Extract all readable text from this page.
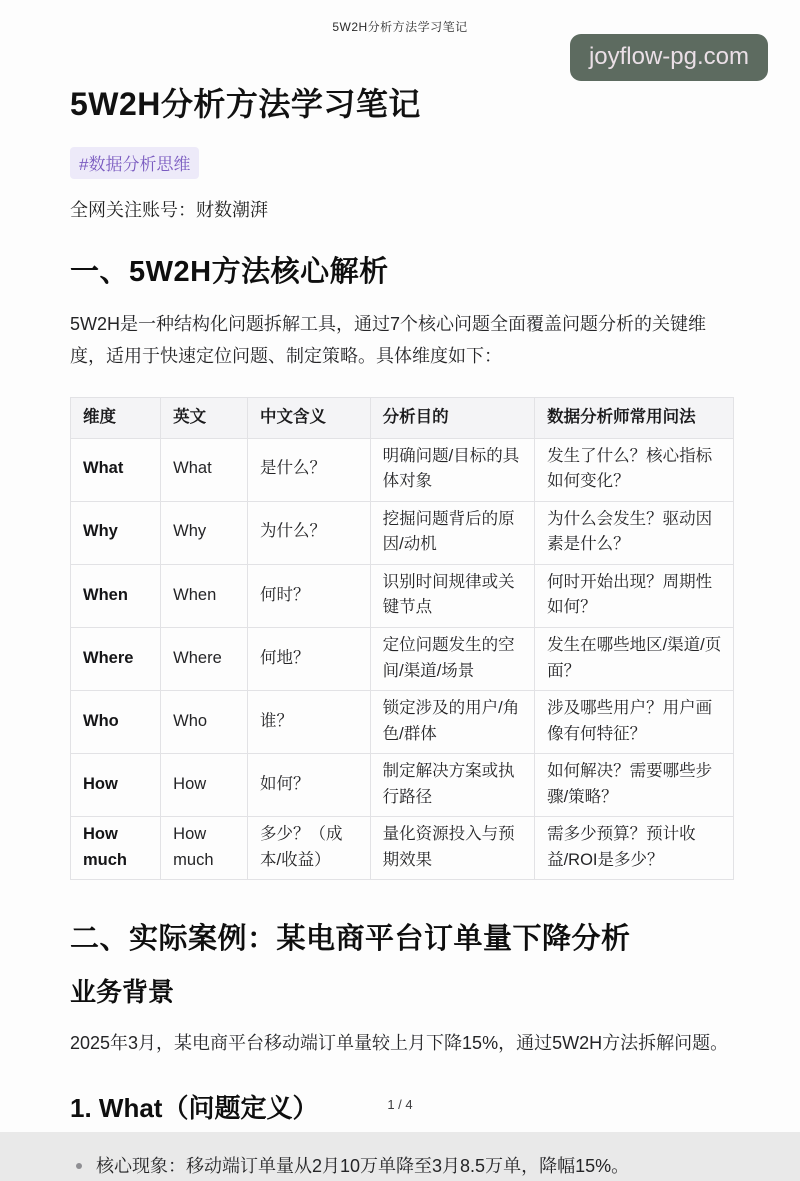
5W2H分析方法学习笔记
joyflow-pg.com
5W2H分析方法学习笔记
#数据分析思维
全网关注账号：财数潮湃
一、5W2H方法核心解析
5W2H是一种结构化问题拆解工具，通过7个核心问题全面覆盖问题分析的关键维度，适用于快速定位问题、制定策略。具体维度如下：
维度	英文	中文含义	分析目的	数据分析师常用问法
What	What	是什么？	明确问题/目标的具体对象	发生了什么？核心指标如何变化？
Why	Why	为什么？	挖掘问题背后的原因/动机	为什么会发生？驱动因素是什么？
When	When	何时？	识别时间规律或关键节点	何时开始出现？周期性如何？
Where	Where	何地？	定位问题发生的空间/渠道/场景	发生在哪些地区/渠道/页面？
Who	Who	谁？	锁定涉及的用户/角色/群体	涉及哪些用户？用户画像有何特征？
How	How	如何？	制定解决方案或执行路径	如何解决？需要哪些步骤/策略？
How much	How much	多少？（成本/收益）	量化资源投入与预期效果	需多少预算？预计收益/ROI是多少？
二、实际案例：某电商平台订单量下降分析
业务背景
2025年3月，某电商平台移动端订单量较上月下降15%，通过5W2H方法拆解问题。
1. What（问题定义）
核心现象：移动端订单量从2月10万单降至3月8.5万单，降幅15%。
1 / 4
